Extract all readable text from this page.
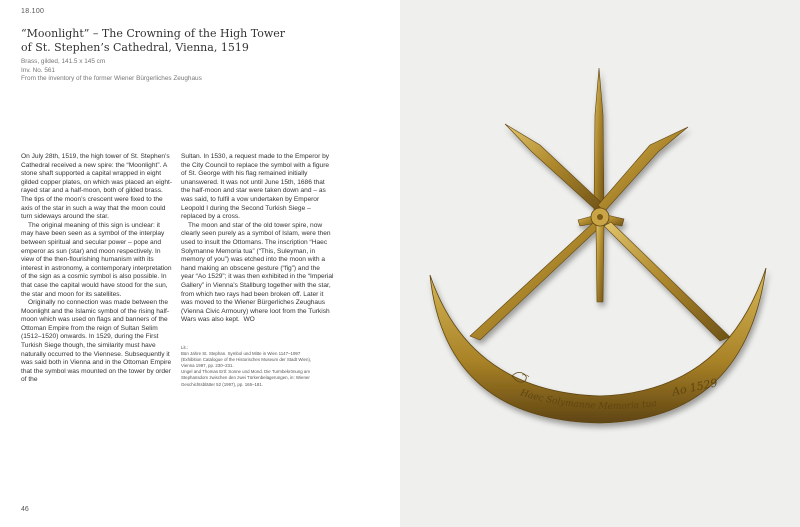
18.100
“Moonlight” – The Crowning of the High Tower
of St. Stephen’s Cathedral, Vienna, 1519
Brass, gilded, 141.5 x 145 cm
Inv. No. 561
From the inventory of the former Wiener Bürgerliches Zeughaus

On July 28th, 1519, the high tower of St. Stephen’s Cathedral received a new spire: the “Moonlight”. A stone shaft supported a capital wrapped in eight gilded copper plates, on which was placed an eight-rayed star and a half-moon, both of gilded brass. The tips of the moon’s crescent were fixed to the axis of the star in such a way that the moon could turn sideways around the star.

The original meaning of this sign is unclear: it may have been seen as a symbol of the interplay between spiritual and secular power – pope and emperor as sun (star) and moon respectively. In view of the then-flourishing humanism with its interest in astronomy, a contemporary interpretation of the sign as a cosmic symbol is also possible. In that case the capital would have stood for the sun, the star and moon for its satellites.

Originally no connection was made between the Moonlight and the Islamic symbol of the rising half-moon which was used on flags and banners of the Ottoman Empire from the reign of Sultan Selim (1512–1520) onwards. In 1529, during the First Turkish Siege though, the similarity must have naturally occurred to the Viennese. Subsequently it was said both in Vienna and in the Ottoman Empire that the symbol was mounted on the tower by order of the

Sultan. In 1530, a request made to the Emperor by the City Council to replace the symbol with a figure of St. George with his flag remained initially unanswered. It was not until June 15th, 1686 that the half-moon and star were taken down and – as was said, to fulfil a vow undertaken by Emperor Leopold I during the Second Turkish Siege – replaced by a cross.

The moon and star of the old tower spire, now clearly seen purely as a symbol of Islam, were then used to insult the Ottomans. The inscription “Haec Solymanne Memoria tua” (“This, Suleyman, in memory of you”) was etched into the moon with a hand making an obscene gesture (“fig”) and the year “Ao 1529”; it was then exhibited in the “Imperial Gallery” in Vienna’s Stallburg together with the star, from which two rays had been broken off. Later it was moved to the Wiener Bürgerliches Zeughaus (Vienna Civic Armoury) where loot from the Turkish Wars was also kept. WO

Lit.:
Bün Jahre St. Stephan. Symbol und Mitte in Wien 1147–1997
(Exhibition Catalogue of the Historisches Museum der Stadt Wien),
Vienna 1997, pp. 230–231.
Ungel and Thomas Ertl: Sonne und Mond. Die Turmbekrönung am
Stephansdom zwischen den zwei Türkenbelagerungen, in: Wiener
Geschichtsblätter 52 (1997), pp. 165–181.
46
Ao 1529
Haec Solymanne Memoria tua
